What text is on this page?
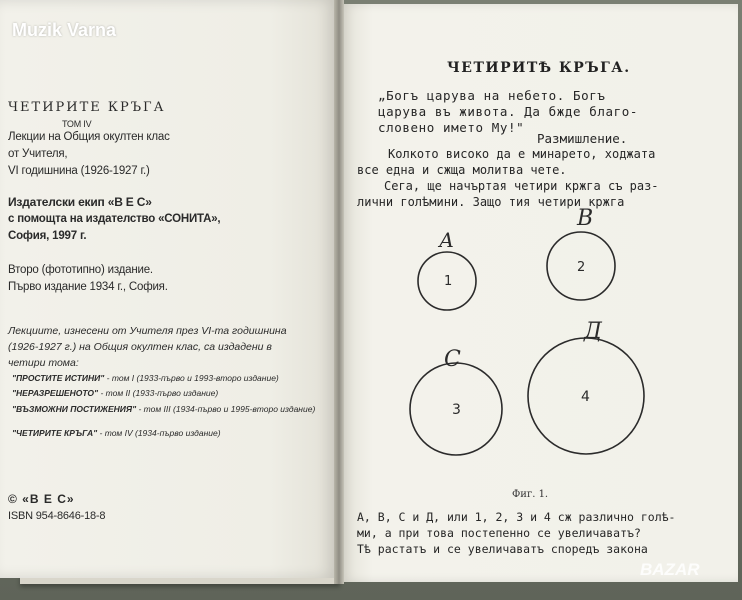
Muzik Varna
ЧЕТИРИТЕ КРЪГА
ТОМ IV
Лекции на Общия окултен клас
от Учителя,
VI годишнина (1926-1927 г.)
Издателски екип «В Е С»
с помощта на издателство «СОНИТА»,
София, 1997 г.
Второ (фототипно) издание.
Първо издание 1934 г., София.
Лекциите, изнесени от Учителя през VI-та годишнина
(1926-1927 г.) на Общия окултен клас, са издадени в
четири тома:
"ПРОСТИТЕ ИСТИНИ" - том I (1933-първо и 1993-второ издание)
"НЕРАЗРЕШЕНОТО" - том II (1933-първо издание)
"ВЪЗМОЖНИ ПОСТИЖЕНИЯ" - том III (1934-първо и 1995-второ издание)
"ЧЕТИРИТЕ КРЪГА" - том IV (1934-първо издание)
© «В Е С»
ISBN 954-8646-18-8
ЧЕТИРИТѢ КРЪГА.
„Богъ царува на небето. Богъ
царува въ живота. Да бжде благо-
словено името Му!"
Размишление.
Колкото високо да е минарето, ходжата
все една и сжща молитва чете.
Сега, ще начъртая четири кржга съ раз-
лични голѣмини. Защо тия четири кржга
А
1
В
2
С
3
Д
4
Фиг. 1.
А, В, С и Д, или 1, 2, 3 и 4 сж различно голѣ-
ми, а при това постепенно се увеличаватъ?
Тѣ растатъ и се увеличаватъ споредъ закона
BAZAR
